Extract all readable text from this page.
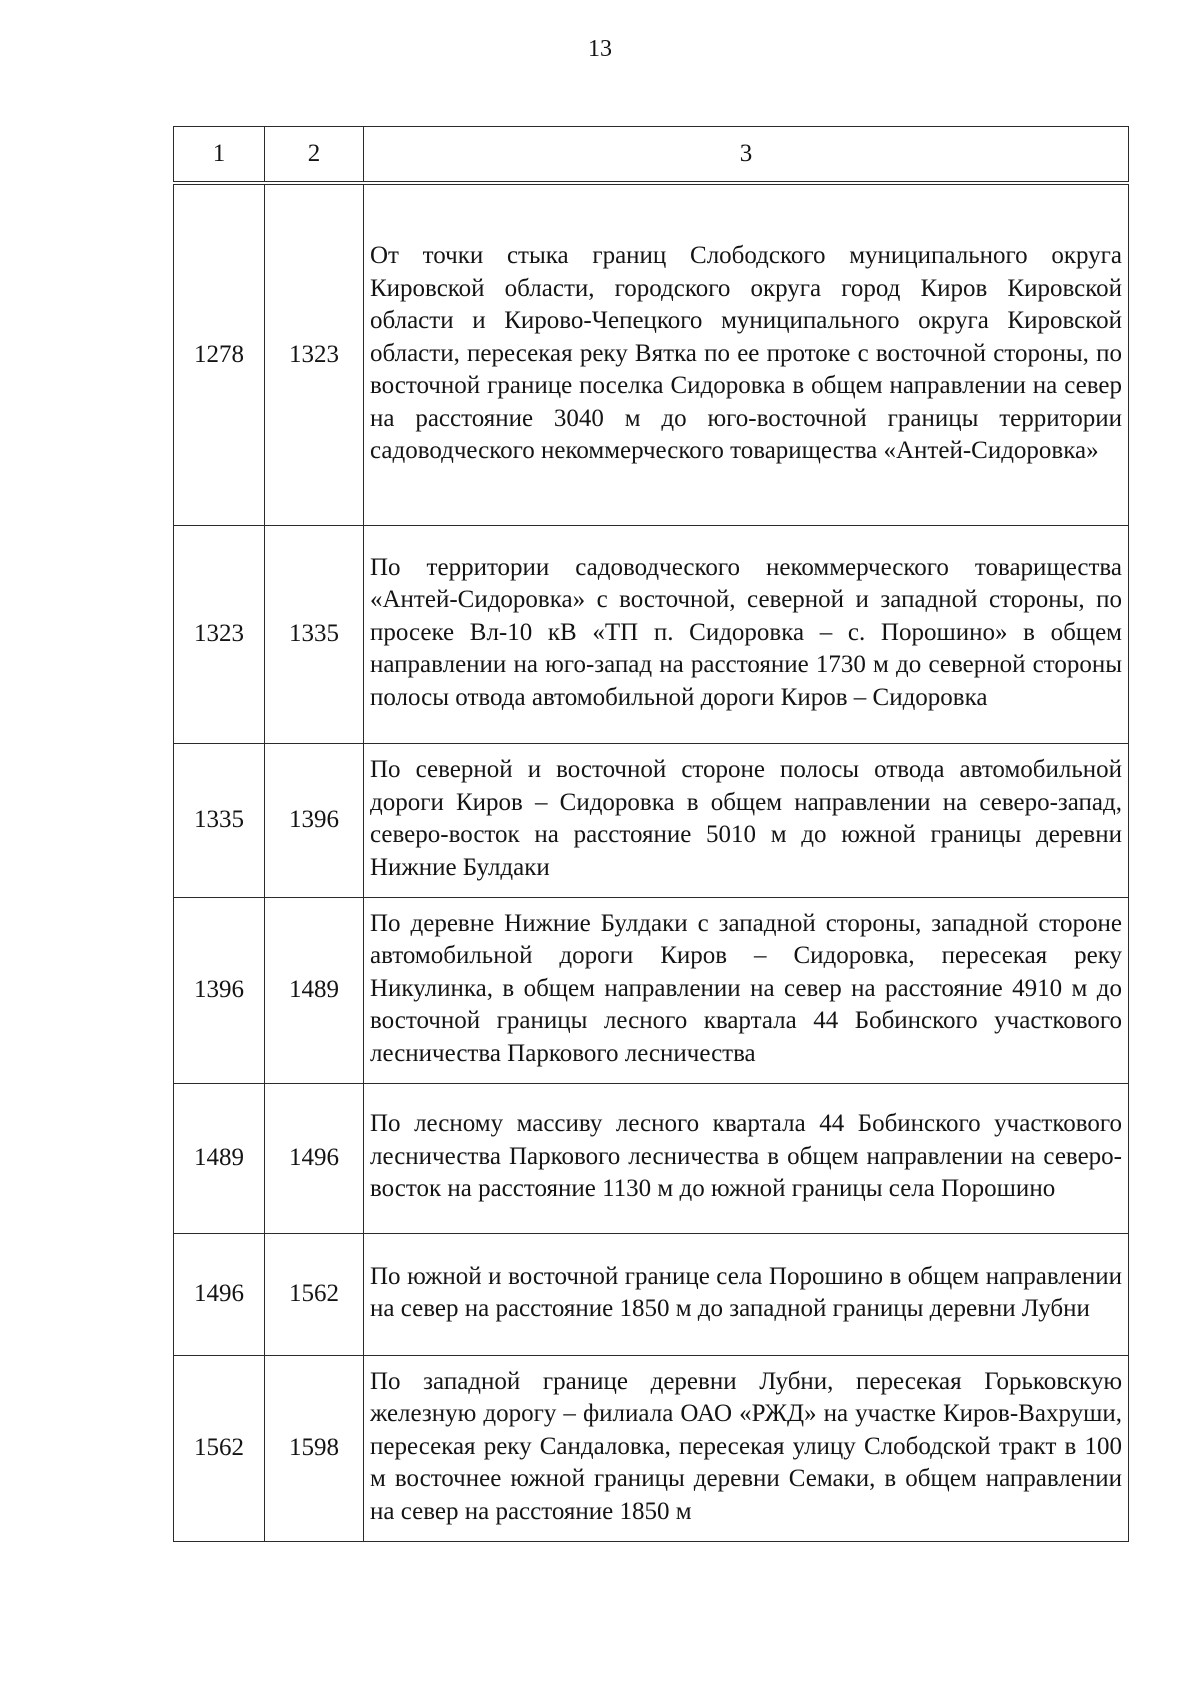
13
1	2	3
1278	1323	От точки стыка границ Слободского муниципального округа Кировской области, городского округа город Киров Кировской области и Кирово-Чепецкого муниципального округа Кировской области, пересекая реку Вятка по ее протоке с восточной стороны, по восточной границе поселка Сидоровка в общем направлении на север на расстояние 3040 м до юго-восточной границы территории садоводческого некоммерческого товарищества «Антей-Сидоровка»
1323	1335	По территории садоводческого некоммерческого товарищества «Антей-Сидоровка» с восточной, северной и западной стороны, по просеке Вл-10 кВ «ТП п. Сидоровка – с. Порошино» в общем направлении на юго-запад на расстояние 1730 м до северной стороны полосы отвода автомобильной дороги Киров – Сидоровка
1335	1396	По северной и восточной стороне полосы отвода автомобильной дороги Киров – Сидоровка в общем направлении на северо-запад, северо-восток на расстояние 5010 м до южной границы деревни Нижние Булдаки
1396	1489	По деревне Нижние Булдаки с западной стороны, западной стороне автомобильной дороги Киров – Сидоровка, пересекая реку Никулинка, в общем направлении на север на расстояние 4910 м до восточной границы лесного квартала 44 Бобинского участкового лесничества Паркового лесничества
1489	1496	По лесному массиву лесного квартала 44 Бобинского участкового лесничества Паркового лесничества в общем направлении на северо-восток на расстояние 1130 м до южной границы села Порошино
1496	1562	По южной и восточной границе села Порошино в общем направлении на север на расстояние 1850 м до западной границы деревни Лубни
1562	1598	По западной границе деревни Лубни, пересекая Горьковскую железную дорогу – филиала ОАО «РЖД» на участке Киров-Вахруши, пересекая реку Сандаловка, пересекая улицу Слободской тракт в 100 м восточнее южной границы деревни Семаки, в общем направлении на север на расстояние 1850 м
